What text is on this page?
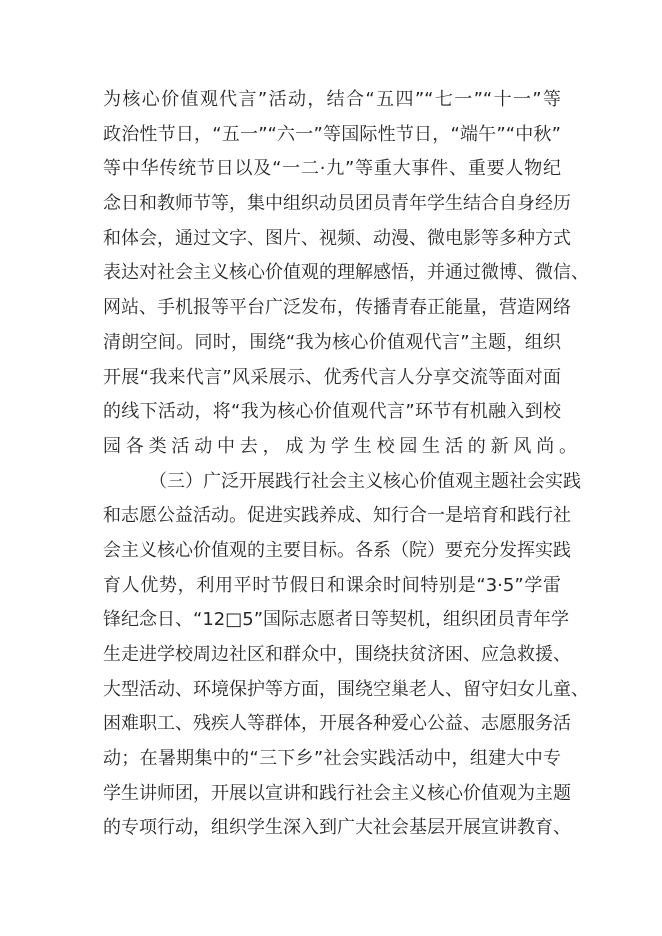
为核心价值观代言”活动，结合“五四”“七一”“十一”等
政治性节日，“五一”“六一”等国际性节日，“端午”“中秋”
等中华传统节日以及“一二·九”等重大事件、重要人物纪
念日和教师节等，集中组织动员团员青年学生结合自身经历
和体会，通过文字、图片、视频、动漫、微电影等多种方式
表达对社会主义核心价值观的理解感悟，并通过微博、微信、
网站、手机报等平台广泛发布，传播青春正能量，营造网络
清朗空间。同时，围绕“我为核心价值观代言”主题，组织
开展“我来代言”风采展示、优秀代言人分享交流等面对面
的线下活动，将“我为核心价值观代言”环节有机融入到校
园各类活动中去，成为学生校园生活的新风尚。
（三）广泛开展践行社会主义核心价值观主题社会实践
和志愿公益活动。促进实践养成、知行合一是培育和践行社
会主义核心价值观的主要目标。各系（院）要充分发挥实践
育人优势，利用平时节假日和课余时间特别是“3·5”学雷
锋纪念日、“12□5”国际志愿者日等契机，组织团员青年学
生走进学校周边社区和群众中，围绕扶贫济困、应急救援、
大型活动、环境保护等方面，围绕空巢老人、留守妇女儿童、
困难职工、残疾人等群体，开展各种爱心公益、志愿服务活
动；在暑期集中的“三下乡”社会实践活动中，组建大中专
学生讲师团，开展以宣讲和践行社会主义核心价值观为主题
的专项行动，组织学生深入到广大社会基层开展宣讲教育、
